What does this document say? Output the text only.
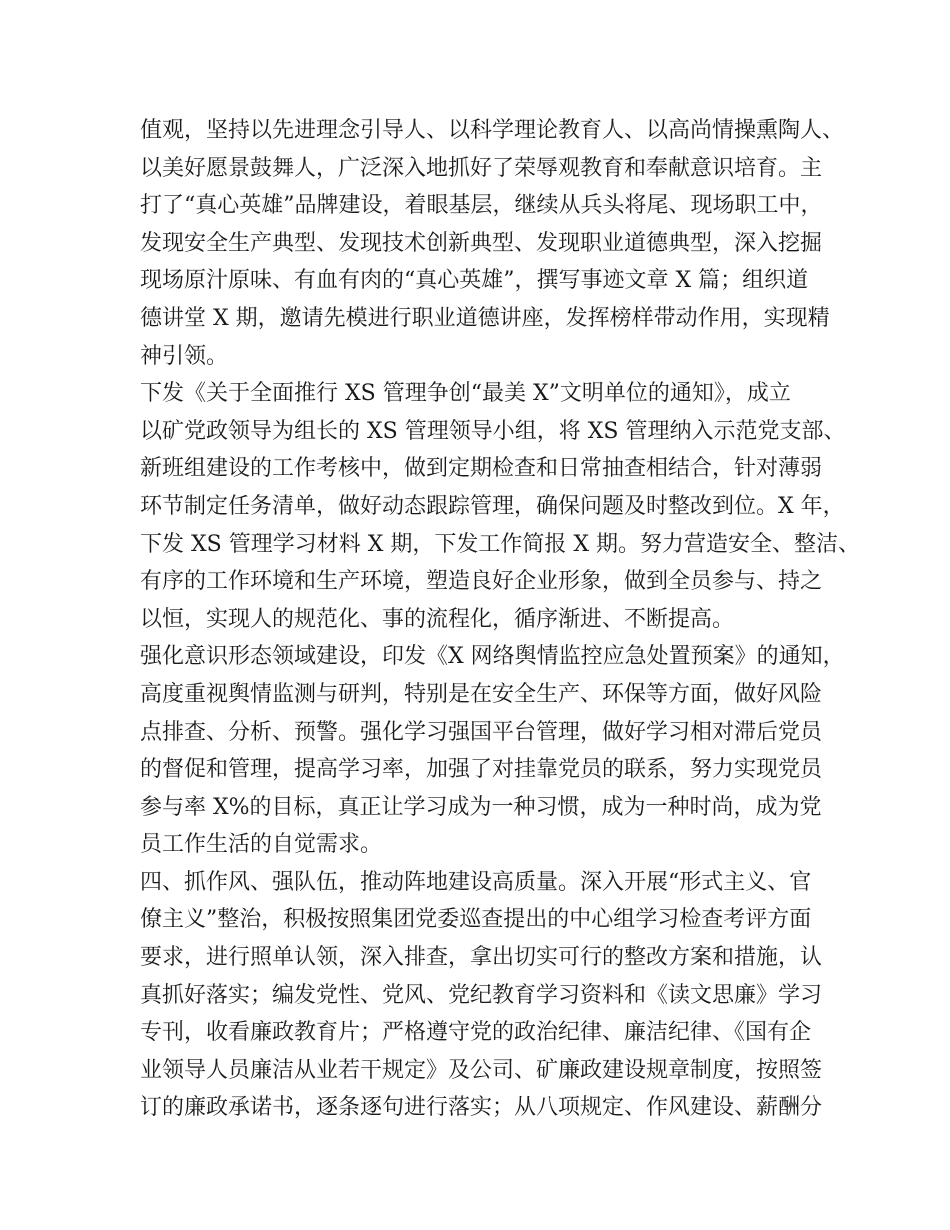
值观，坚持以先进理念引导人、以科学理论教育人、以高尚情操熏陶人、
以美好愿景鼓舞人，广泛深入地抓好了荣辱观教育和奉献意识培育。主
打了“真心英雄”品牌建设，着眼基层，继续从兵头将尾、现场职工中，
发现安全生产典型、发现技术创新典型、发现职业道德典型，深入挖掘
现场原汁原味、有血有肉的“真心英雄”，撰写事迹文章 X 篇；组织道
德讲堂 X 期，邀请先模进行职业道德讲座，发挥榜样带动作用，实现精
神引领。
下发《关于全面推行 XS 管理争创“最美 X”文明单位的通知》，成立
以矿党政领导为组长的 XS 管理领导小组，将 XS 管理纳入示范党支部、
新班组建设的工作考核中，做到定期检查和日常抽查相结合，针对薄弱
环节制定任务清单，做好动态跟踪管理，确保问题及时整改到位。X 年，
下发 XS 管理学习材料 X 期，下发工作简报 X 期。努力营造安全、整洁、
有序的工作环境和生产环境，塑造良好企业形象，做到全员参与、持之
以恒，实现人的规范化、事的流程化，循序渐进、不断提高。
强化意识形态领域建设，印发《X 网络舆情监控应急处置预案》的通知，
高度重视舆情监测与研判，特别是在安全生产、环保等方面，做好风险
点排查、分析、预警。强化学习强国平台管理，做好学习相对滞后党员
的督促和管理，提高学习率，加强了对挂靠党员的联系，努力实现党员
参与率 X%的目标，真正让学习成为一种习惯，成为一种时尚，成为党
员工作生活的自觉需求。
四、抓作风、强队伍，推动阵地建设高质量。深入开展“形式主义、官
僚主义”整治，积极按照集团党委巡查提出的中心组学习检查考评方面
要求，进行照单认领，深入排查，拿出切实可行的整改方案和措施，认
真抓好落实；编发党性、党风、党纪教育学习资料和《读文思廉》学习
专刊，收看廉政教育片；严格遵守党的政治纪律、廉洁纪律、《国有企
业领导人员廉洁从业若干规定》及公司、矿廉政建设规章制度，按照签
订的廉政承诺书，逐条逐句进行落实；从八项规定、作风建设、薪酬分
